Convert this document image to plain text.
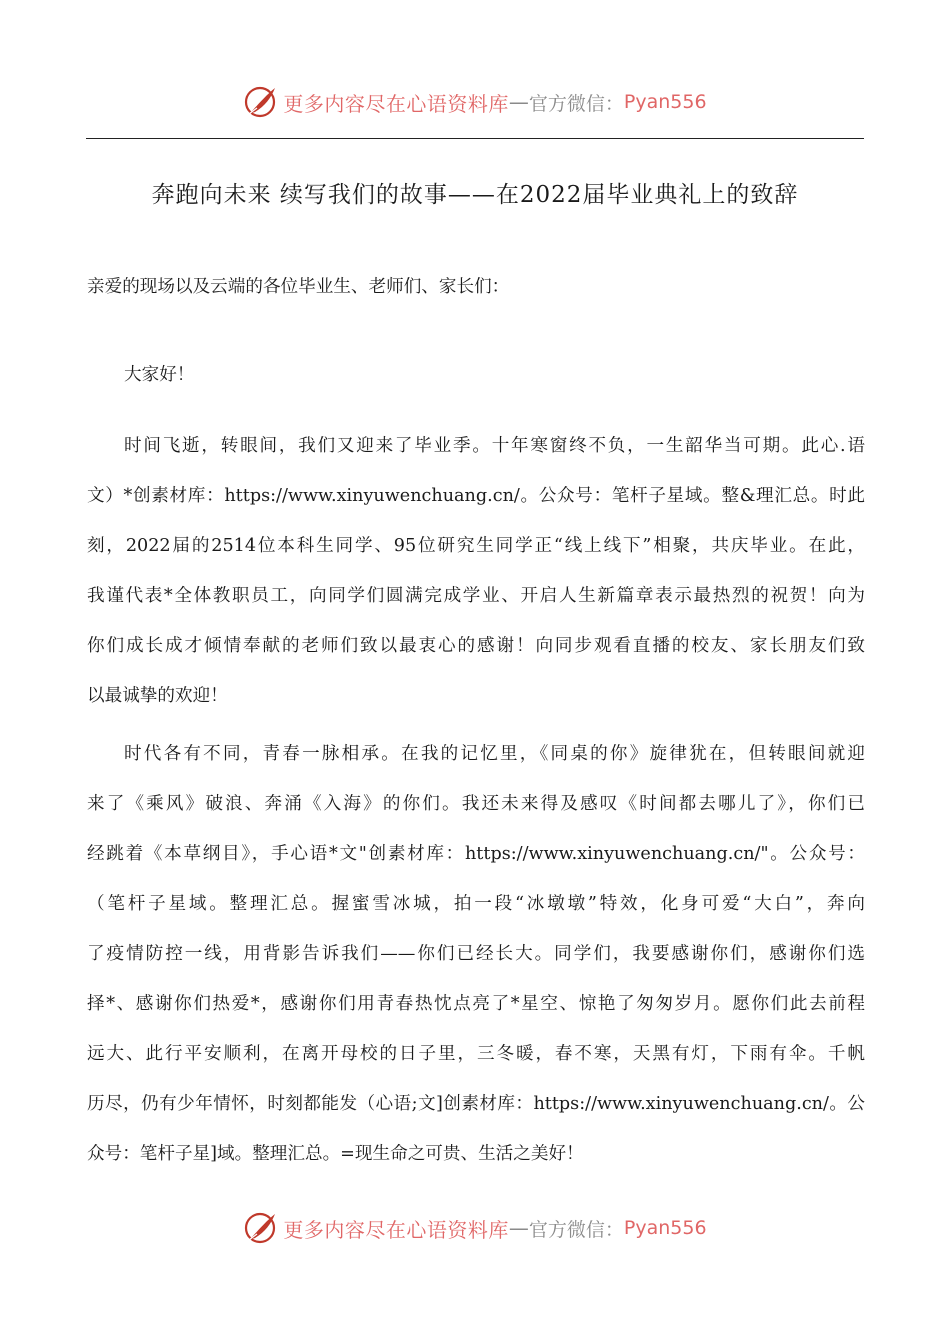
更多内容尽在心语资料库 — 官方微信： Pyan556
奔跑向未来 续写我们的故事——在2022届毕业典礼上的致辞
亲爱的现场以及云端的各位毕业生、老师们、家长们：
大家好！
时间飞逝，转眼间，我们又迎来了毕业季。十年寒窗终不负，一生韶华当可期。此心.语
文）*创素材库：https://www.xinyuwenchuang.cn/。公众号：笔杆子星域。整&理汇总。时此
刻，2022届的2514位本科生同学、95位研究生同学正“线上线下”相聚，共庆毕业。在此，
我谨代表*全体教职员工，向同学们圆满完成学业、开启人生新篇章表示最热烈的祝贺！向为
你们成长成才倾情奉献的老师们致以最衷心的感谢！向同步观看直播的校友、家长朋友们致
以最诚挚的欢迎！
时代各有不同，青春一脉相承。在我的记忆里，《同桌的你》旋律犹在，但转眼间就迎
来了《乘风》破浪、奔涌《入海》的你们。我还未来得及感叹《时间都去哪儿了》，你们已
经跳着《本草纲目》，手心语*文"创素材库：https://www.xinyuwenchuang.cn/"。公众号：
（笔杆子星域。整理汇总。握蜜雪冰城，拍一段“冰墩墩”特效，化身可爱“大白”，奔向
了疫情防控一线，用背影告诉我们——你们已经长大。同学们，我要感谢你们，感谢你们选
择*、感谢你们热爱*，感谢你们用青春热忱点亮了*星空、惊艳了匆匆岁月。愿你们此去前程
远大、此行平安顺利，在离开母校的日子里，三冬暖，春不寒，天黑有灯，下雨有伞。千帆
历尽，仍有少年情怀，时刻都能发（心语;文]创素材库：https://www.xinyuwenchuang.cn/。公
众号：笔杆子星]域。整理汇总。=现生命之可贵、生活之美好！
更多内容尽在心语资料库 — 官方微信： Pyan556
